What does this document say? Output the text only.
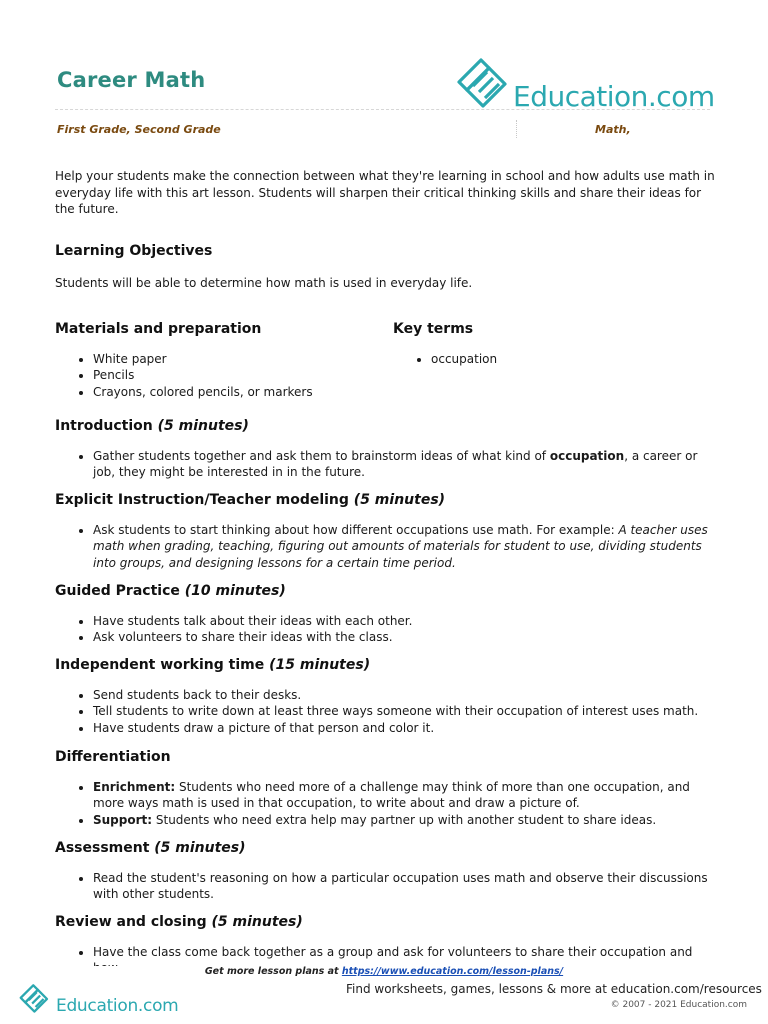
Career Math	Education.com
First Grade, Second Grade	Math,
Help your students make the connection between what they're learning in school and how adults use math in everyday life with this art lesson. Students will sharpen their critical thinking skills and share their ideas for the future.
Learning Objectives
Students will be able to determine how math is used in everyday life.
Materials and preparation
• White paper
• Pencils
• Crayons, colored pencils, or markers
Key terms
• occupation
Introduction (5 minutes)
• Gather students together and ask them to brainstorm ideas of what kind of occupation, a career or job, they might be interested in in the future.
Explicit Instruction/Teacher modeling (5 minutes)
• Ask students to start thinking about how different occupations use math. For example: A teacher uses math when grading, teaching, figuring out amounts of materials for student to use, dividing students into groups, and designing lessons for a certain time period.
Guided Practice (10 minutes)
• Have students talk about their ideas with each other.
• Ask volunteers to share their ideas with the class.
Independent working time (15 minutes)
• Send students back to their desks.
• Tell students to write down at least three ways someone with their occupation of interest uses math.
• Have students draw a picture of that person and color it.
Differentiation
• Enrichment: Students who need more of a challenge may think of more than one occupation, and more ways math is used in that occupation, to write about and draw a picture of.
• Support: Students who need extra help may partner up with another student to share ideas.
Assessment (5 minutes)
• Read the student's reasoning on how a particular occupation uses math and observe their discussions with other students.
Review and closing (5 minutes)
• Have the class come back together as a group and ask for volunteers to share their occupation and
Get more lesson plans at https://www.education.com/lesson-plans/
Education.com
Find worksheets, games, lessons & more at education.com/resources
© 2007 - 2021 Education.com
